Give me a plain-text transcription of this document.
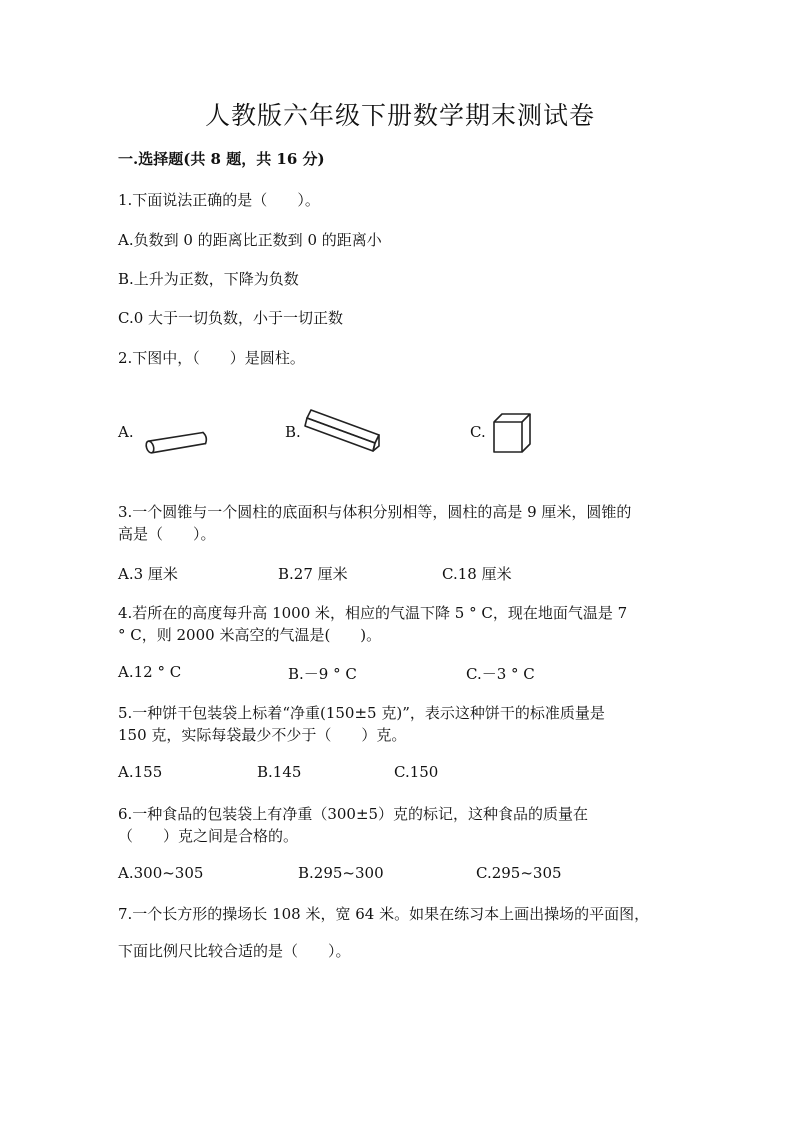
人教版六年级下册数学期末测试卷
一.选择题(共 8 题，共 16 分)
1.下面说法正确的是（　　）。
A.负数到 0 的距离比正数到 0 的距离小
B.上升为正数，下降为负数
C.0 大于一切负数，小于一切正数
2.下图中，（　　）是圆柱。
A.	B.	C.
3.一个圆锥与一个圆柱的底面积与体积分别相等，圆柱的高是 9 厘米，圆锥的
高是（　　）。
A.3 厘米	B.27 厘米	C.18 厘米
4.若所在的高度每升高 1000 米，相应的气温下降 5 ° C，现在地面气温是 7
° C，则 2000 米高空的气温是(　　)。
A.12 ° C	B.－9 ° C	C.－3 ° C
5.一种饼干包装袋上标着“净重(150±5 克)”，表示这种饼干的标准质量是
150 克，实际每袋最少不少于（　　）克。
A.155	B.145	C.150
6.一种食品的包装袋上有净重（300±5）克的标记，这种食品的质量在
（　　）克之间是合格的。
A.300~305	B.295~300	C.295~305
7.一个长方形的操场长 108 米，宽 64 米。如果在练习本上画出操场的平面图，
下面比例尺比较合适的是（　　）。
